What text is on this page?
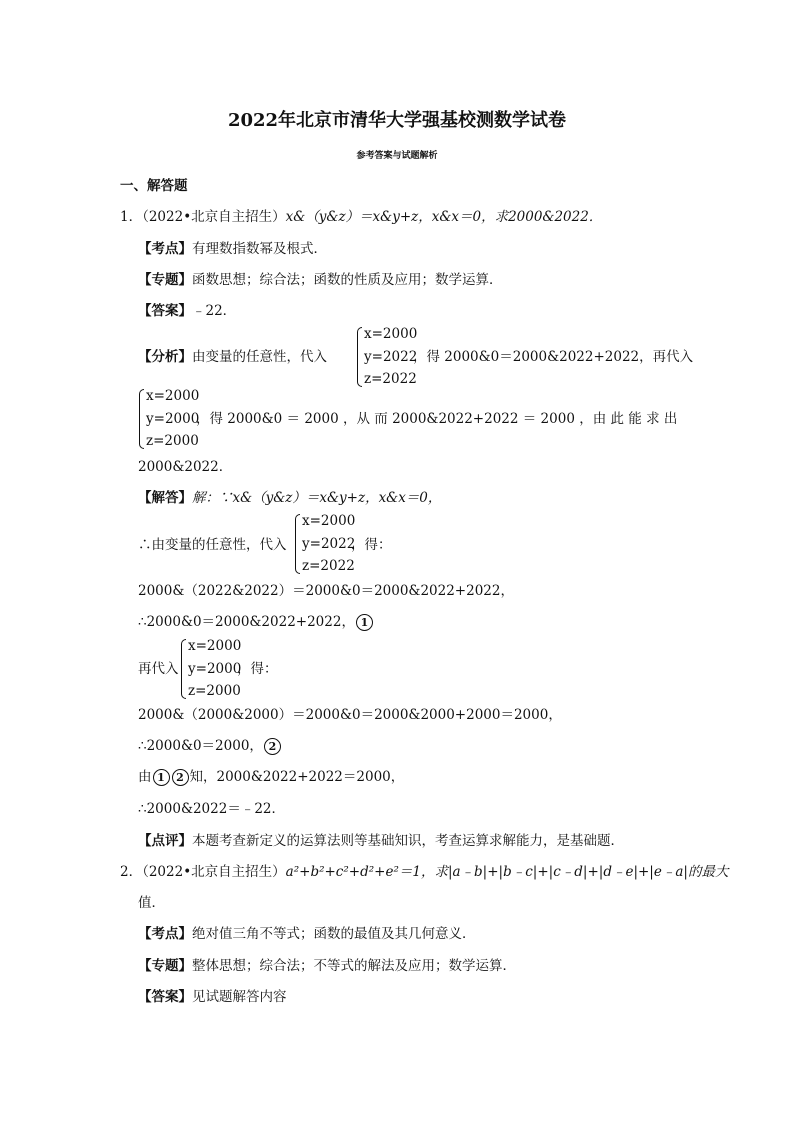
2022年北京市清华大学强基校测数学试卷
参考答案与试题解析
一、解答题
1．（2022•北京自主招生）x&（y&z）＝x&y+z，x&x＝0，求2000&2022．
【考点】有理数指数幂及根式．
【专题】函数思想；综合法；函数的性质及应用；数学运算．
【答案】﹣22．
【分析】由变量的任意性，代入
x=2000
y=2022
z=2022
，得 2000&0＝2000&2022+2022，再代入
x=2000
y=2000
z=2000
，得 2000&0 ＝ 2000 ，从 而 2000&2022+2022 ＝ 2000 ，由 此 能 求 出
2000&2022．
【解答】解：∵x&（y&z）＝x&y+z，x&x＝0，
∴由变量的任意性，代入
x=2000
y=2022
z=2022
，得：
2000&（2022&2022）＝2000&0＝2000&2022+2022，
∴2000&0＝2000&2022+2022， 1
再代入
x=2000
y=2000
z=2000
，得：
2000&（2000&2000）＝2000&0＝2000&2000+2000＝2000，
∴2000&0＝2000， 2
由 1 2 知，2000&2022+2022＝2000，
∴2000&2022＝﹣22．
【点评】本题考查新定义的运算法则等基础知识，考查运算求解能力，是基础题．
2．（2022•北京自主招生）a²+b²+c²+d²+e²＝1，求|a﹣b|+|b﹣c|+|c﹣d|+|d﹣e|+|e﹣a|的最大
值．
【考点】绝对值三角不等式；函数的最值及其几何意义．
【专题】整体思想；综合法；不等式的解法及应用；数学运算．
【答案】见试题解答内容
